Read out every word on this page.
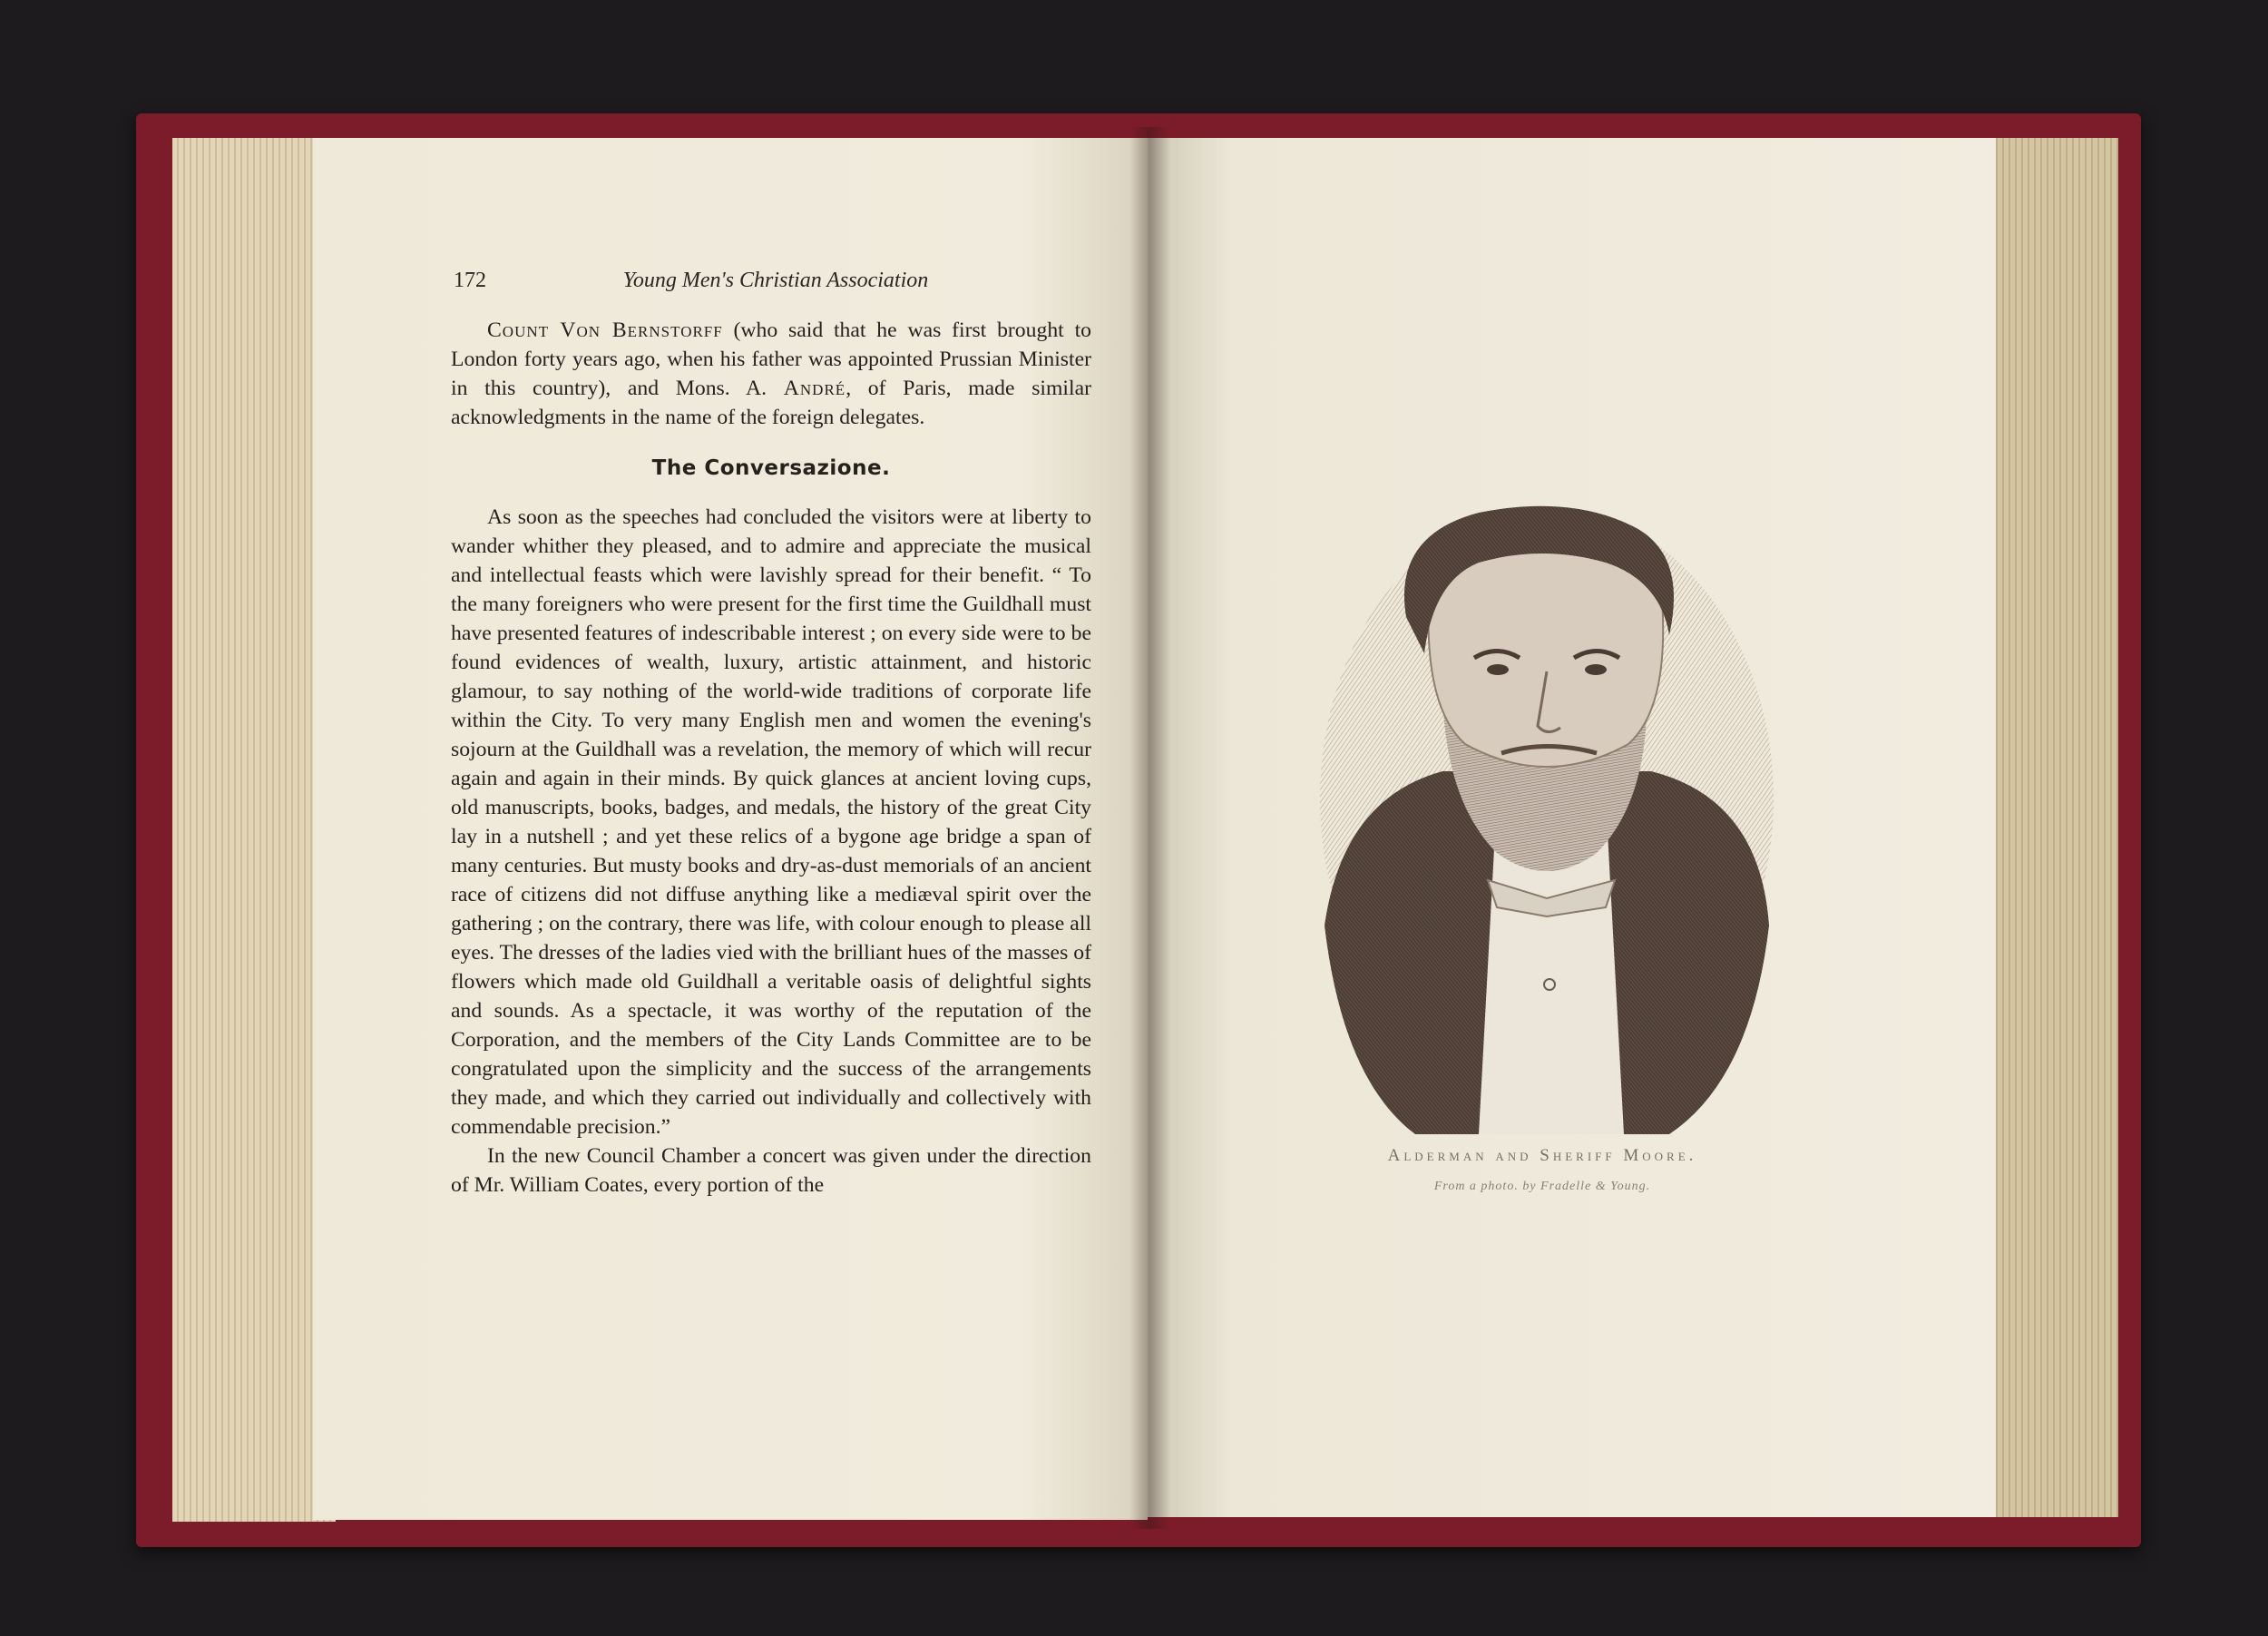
172	Young Men's Christian Association

Count Von Bernstorff (who said that he was first brought to London forty years ago, when his father was appointed Prussian Minister in this country), and Mons. A. André, of Paris, made similar acknowledgments in the name of the foreign delegates.

The Conversazione.

As soon as the speeches had concluded the visitors were at liberty to wander whither they pleased, and to admire and appreciate the musical and intellectual feasts which were lavishly spread for their benefit. “ To the many foreigners who were present for the first time the Guildhall must have presented features of indescribable interest ; on every side were to be found evidences of wealth, luxury, artistic attainment, and historic glamour, to say nothing of the world-wide traditions of corporate life within the City. To very many English men and women the evening's sojourn at the Guildhall was a revelation, the memory of which will recur again and again in their minds. By quick glances at ancient loving cups, old manuscripts, books, badges, and medals, the history of the great City lay in a nutshell ; and yet these relics of a bygone age bridge a span of many centuries. But musty books and dry-as-dust memorials of an ancient race of citizens did not diffuse anything like a mediæval spirit over the gathering ; on the contrary, there was life, with colour enough to please all eyes. The dresses of the ladies vied with the brilliant hues of the masses of flowers which made old Guildhall a veritable oasis of delightful sights and sounds. As a spectacle, it was worthy of the reputation of the Corporation, and the members of the City Lands Committee are to be congratulated upon the simplicity and the success of the arrangements they made, and which they carried out individually and collectively with commendable precision.”

In the new Council Chamber a concert was given under the direction of Mr. William Coates, every portion of the

Alderman and Sheriff Moore.
From a photo. by Fradelle & Young.
